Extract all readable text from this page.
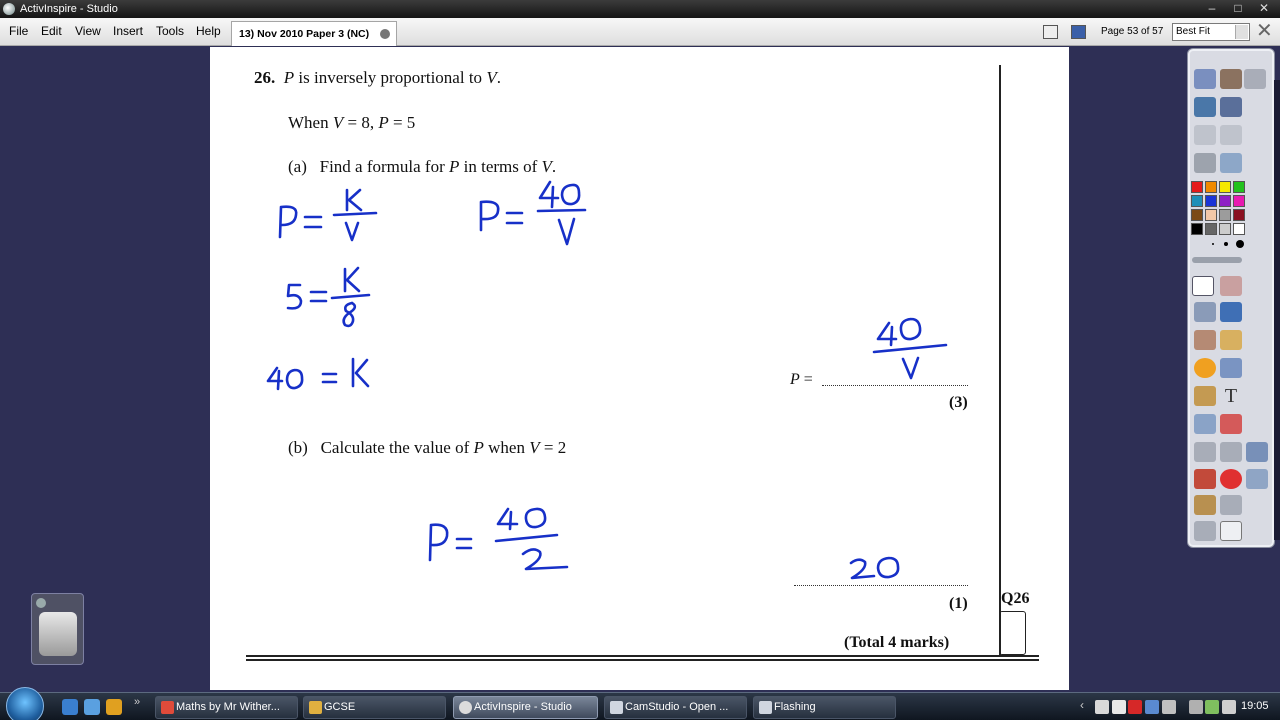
ActivInspire - Studio	‒	□	✕
File Edit View Insert Tools Help	13) Nov 2010 Paper 3 (NC)	Page 53 of 57	Best Fit	✕
26. P is inversely proportional to V.
When V = 8, P = 5
(a) Find a formula for P in terms of V.
P =
(3)
(b) Calculate the value of P when V = 2
(1) Q26
(Total 4 marks)
T
»	Maths by Mr Wither...	GCSE	ActivInspire - Studio	CamStudio - Open ...	Flashing	‹	19:05
